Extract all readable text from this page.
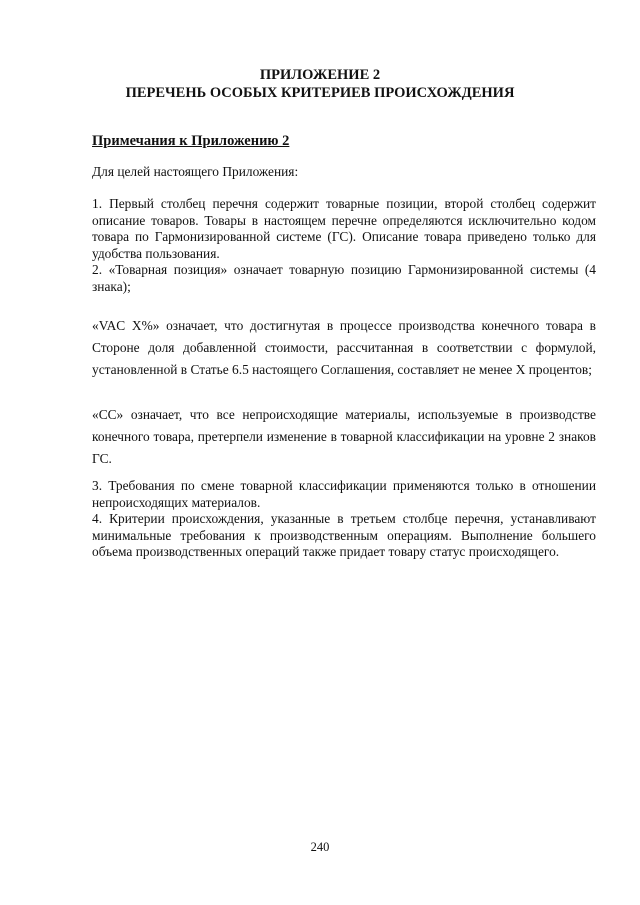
ПРИЛОЖЕНИЕ 2
ПЕРЕЧЕНЬ ОСОБЫХ КРИТЕРИЕВ ПРОИСХОЖДЕНИЯ
Примечания к Приложению 2

Для целей настоящего Приложения:

1. Первый столбец перечня содержит товарные позиции, второй столбец содержит описание товаров. Товары в настоящем перечне определяются исключительно кодом товара по Гармонизированной системе (ГС). Описание товара приведено только для удобства пользования.

2. «Товарная позиция» означает товарную позицию Гармонизированной системы (4 знака);

«VAC X%» означает, что достигнутая в процессе производства конечного товара в Стороне доля добавленной стоимости, рассчитанная в соответствии с формулой, установленной в Статье 6.5 настоящего Соглашения, составляет не менее X процентов;

«CC» означает, что все непроисходящие материалы, используемые в производстве конечного товара, претерпели изменение в товарной классификации на уровне 2 знаков ГС.

3. Требования по смене товарной классификации применяются только в отношении непроисходящих материалов.

4. Критерии происхождения, указанные в третьем столбце перечня, устанавливают минимальные требования к производственным операциям. Выполнение большего объема производственных операций также придает товару статус происходящего.

240
